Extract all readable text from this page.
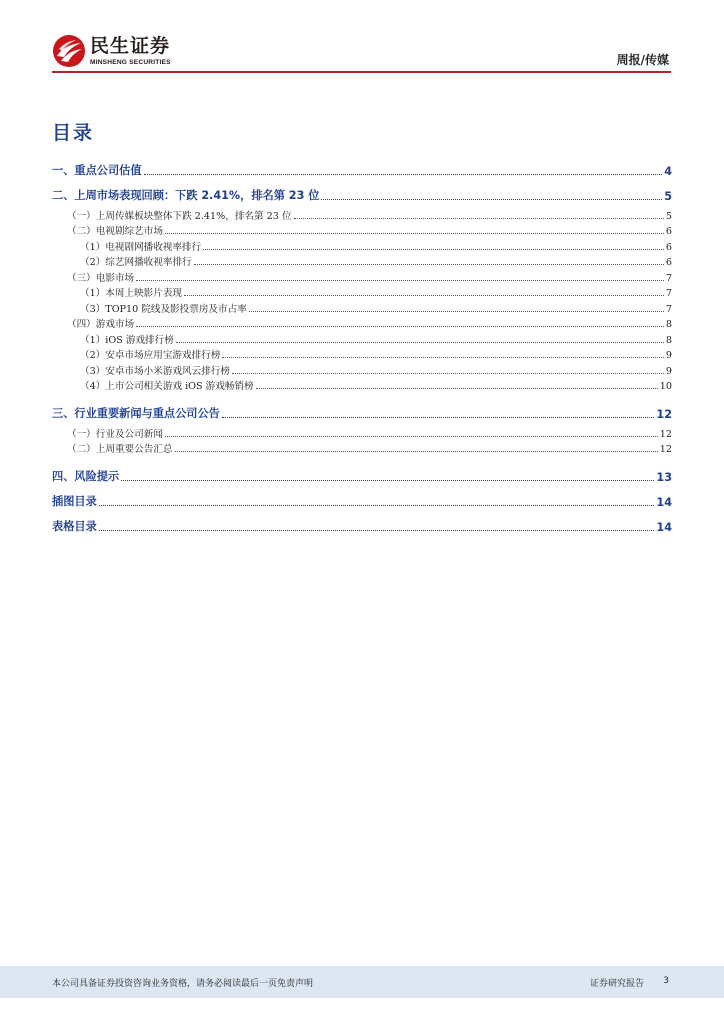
民生证券
MINSHENG SECURITIES	周报/传媒
目录
一、重点公司估值	4
二、上周市场表现回顾：下跌 2.41%，排名第 23 位	5
（一）上周传媒板块整体下跌 2.41%，排名第 23 位	5
（二）电视剧综艺市场	6
（1）电视剧网播收视率排行	6
（2）综艺网播收视率排行	6
（三）电影市场	7
（1）本周上映影片表现	7
（3）TOP10 院线及影投票房及市占率	7
（四）游戏市场	8
（1）iOS 游戏排行榜	8
（2）安卓市场应用宝游戏排行榜	9
（3）安卓市场小米游戏风云排行榜	9
（4）上市公司相关游戏 iOS 游戏畅销榜	10
三、行业重要新闻与重点公司公告	12
（一）行业及公司新闻	12
（二）上周重要公告汇总	12
四、风险提示	13
插图目录	14
表格目录	14
本公司具备证券投资咨询业务资格，请务必阅读最后一页免责声明	证券研究报告 3
